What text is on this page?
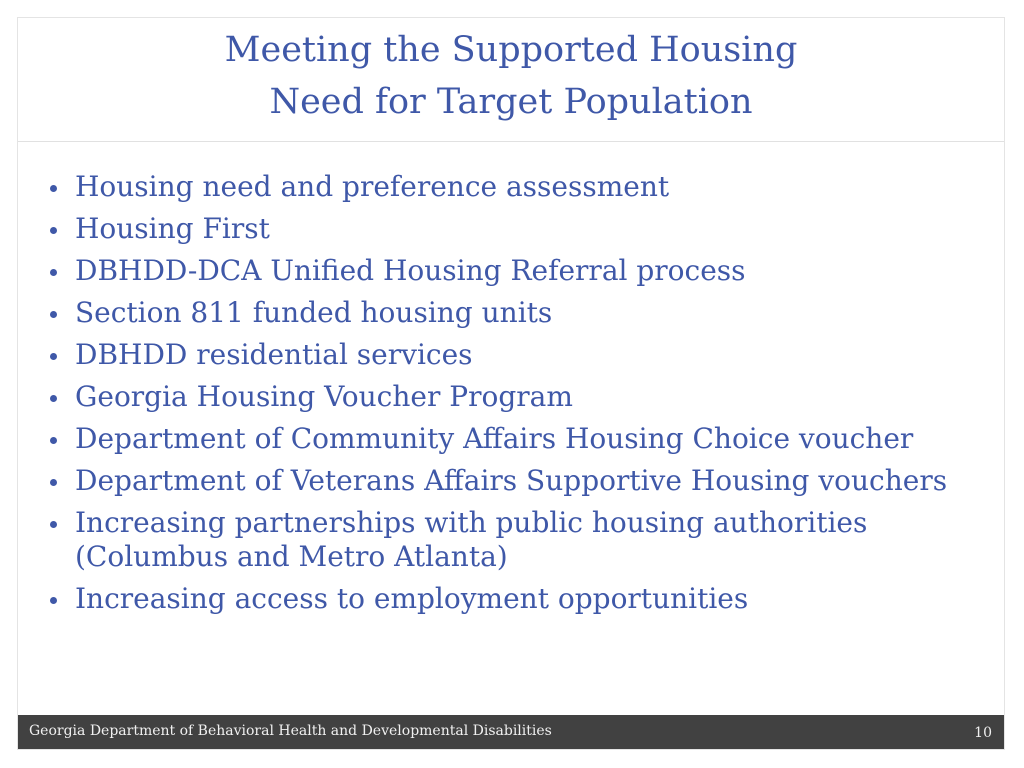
Meeting the Supported Housing
Need for Target Population
Housing need and preference assessment
Housing First
DBHDD-DCA Unified Housing Referral process
Section 811 funded housing units
DBHDD residential services
Georgia Housing Voucher Program
Department of Community Affairs Housing Choice voucher
Department of Veterans Affairs Supportive Housing vouchers
Increasing partnerships with public housing authorities (Columbus and Metro Atlanta)
Increasing access to employment opportunities
Georgia Department of Behavioral Health and Developmental Disabilities	10
